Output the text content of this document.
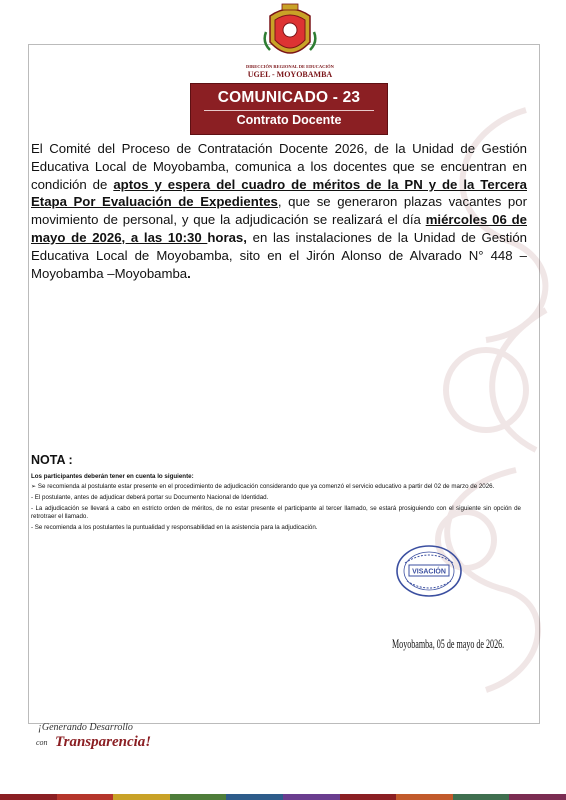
DIRECCIÓN REGIONAL DE EDUCACIÓN
UGEL - MOYOBAMBA
COMUNICADO - 23
Contrato Docente
El Comité del Proceso de Contratación Docente 2026, de la Unidad de Gestión Educativa Local de Moyobamba, comunica a los docentes que se encuentran en condición de aptos y espera del cuadro de méritos de la PN y de la Tercera Etapa Por Evaluación de Expedientes, que se generaron plazas vacantes por movimiento de personal, y que la adjudicación se realizará el día miércoles 06 de mayo de 2026, a las 10:30 horas, en las instalaciones de la Unidad de Gestión Educativa Local de Moyobamba, sito en el Jirón Alonso de Alvarado N° 448 – Moyobamba –Moyobamba.
NOTA :
Los participantes deberán tener en cuenta lo siguiente:
➢ Se recomienda al postulante estar presente en el procedimiento de adjudicación considerando que ya comenzó el servicio educativo a partir del 02 de marzo de 2026.
- El postulante, antes de adjudicar deberá portar su Documento Nacional de Identidad.
- La adjudicación se llevará a cabo en estricto orden de méritos, de no estar presente el participante al tercer llamado, se estará prosiguiendo con el siguiente sin opción de retrotraer el llamado.
- Se recomienda a los postulantes la puntualidad y responsabilidad en la asistencia para la adjudicación.
VISACIÓN
Moyobamba, 05 de mayo de 2026.
¡Generando Desarrollo
con Transparencia!
